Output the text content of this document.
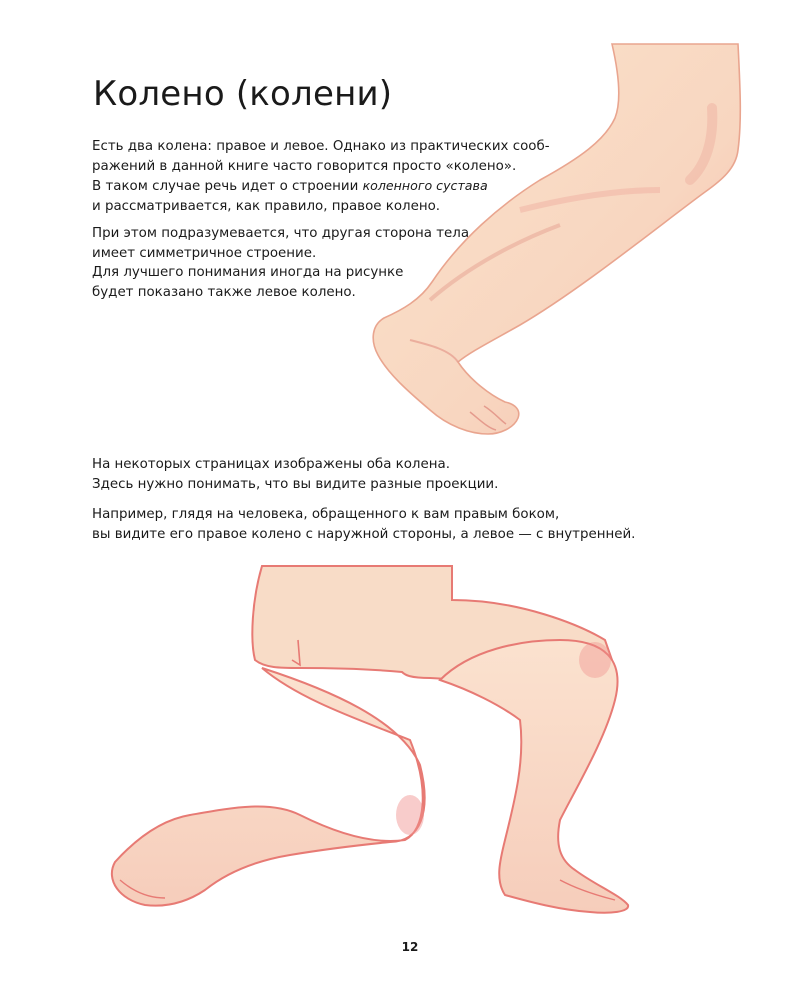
Колено (колени)
Есть два колена: правое и левое. Однако из практических сооб-
ражений в данной книге часто говорится просто «колено».
В таком случае речь идет о строении коленного сустава
и рассматривается, как правило, правое колено.
При этом подразумевается, что другая сторона тела
имеет симметричное строение.
Для лучшего понимания иногда на рисунке
будет показано также левое колено.
На некоторых страницах изображены оба колена.
Здесь нужно понимать, что вы видите разные проекции.
Например, глядя на человека, обращенного к вам правым боком,
вы видите его правое колено с наружной стороны, а левое — с внутренней.
12
